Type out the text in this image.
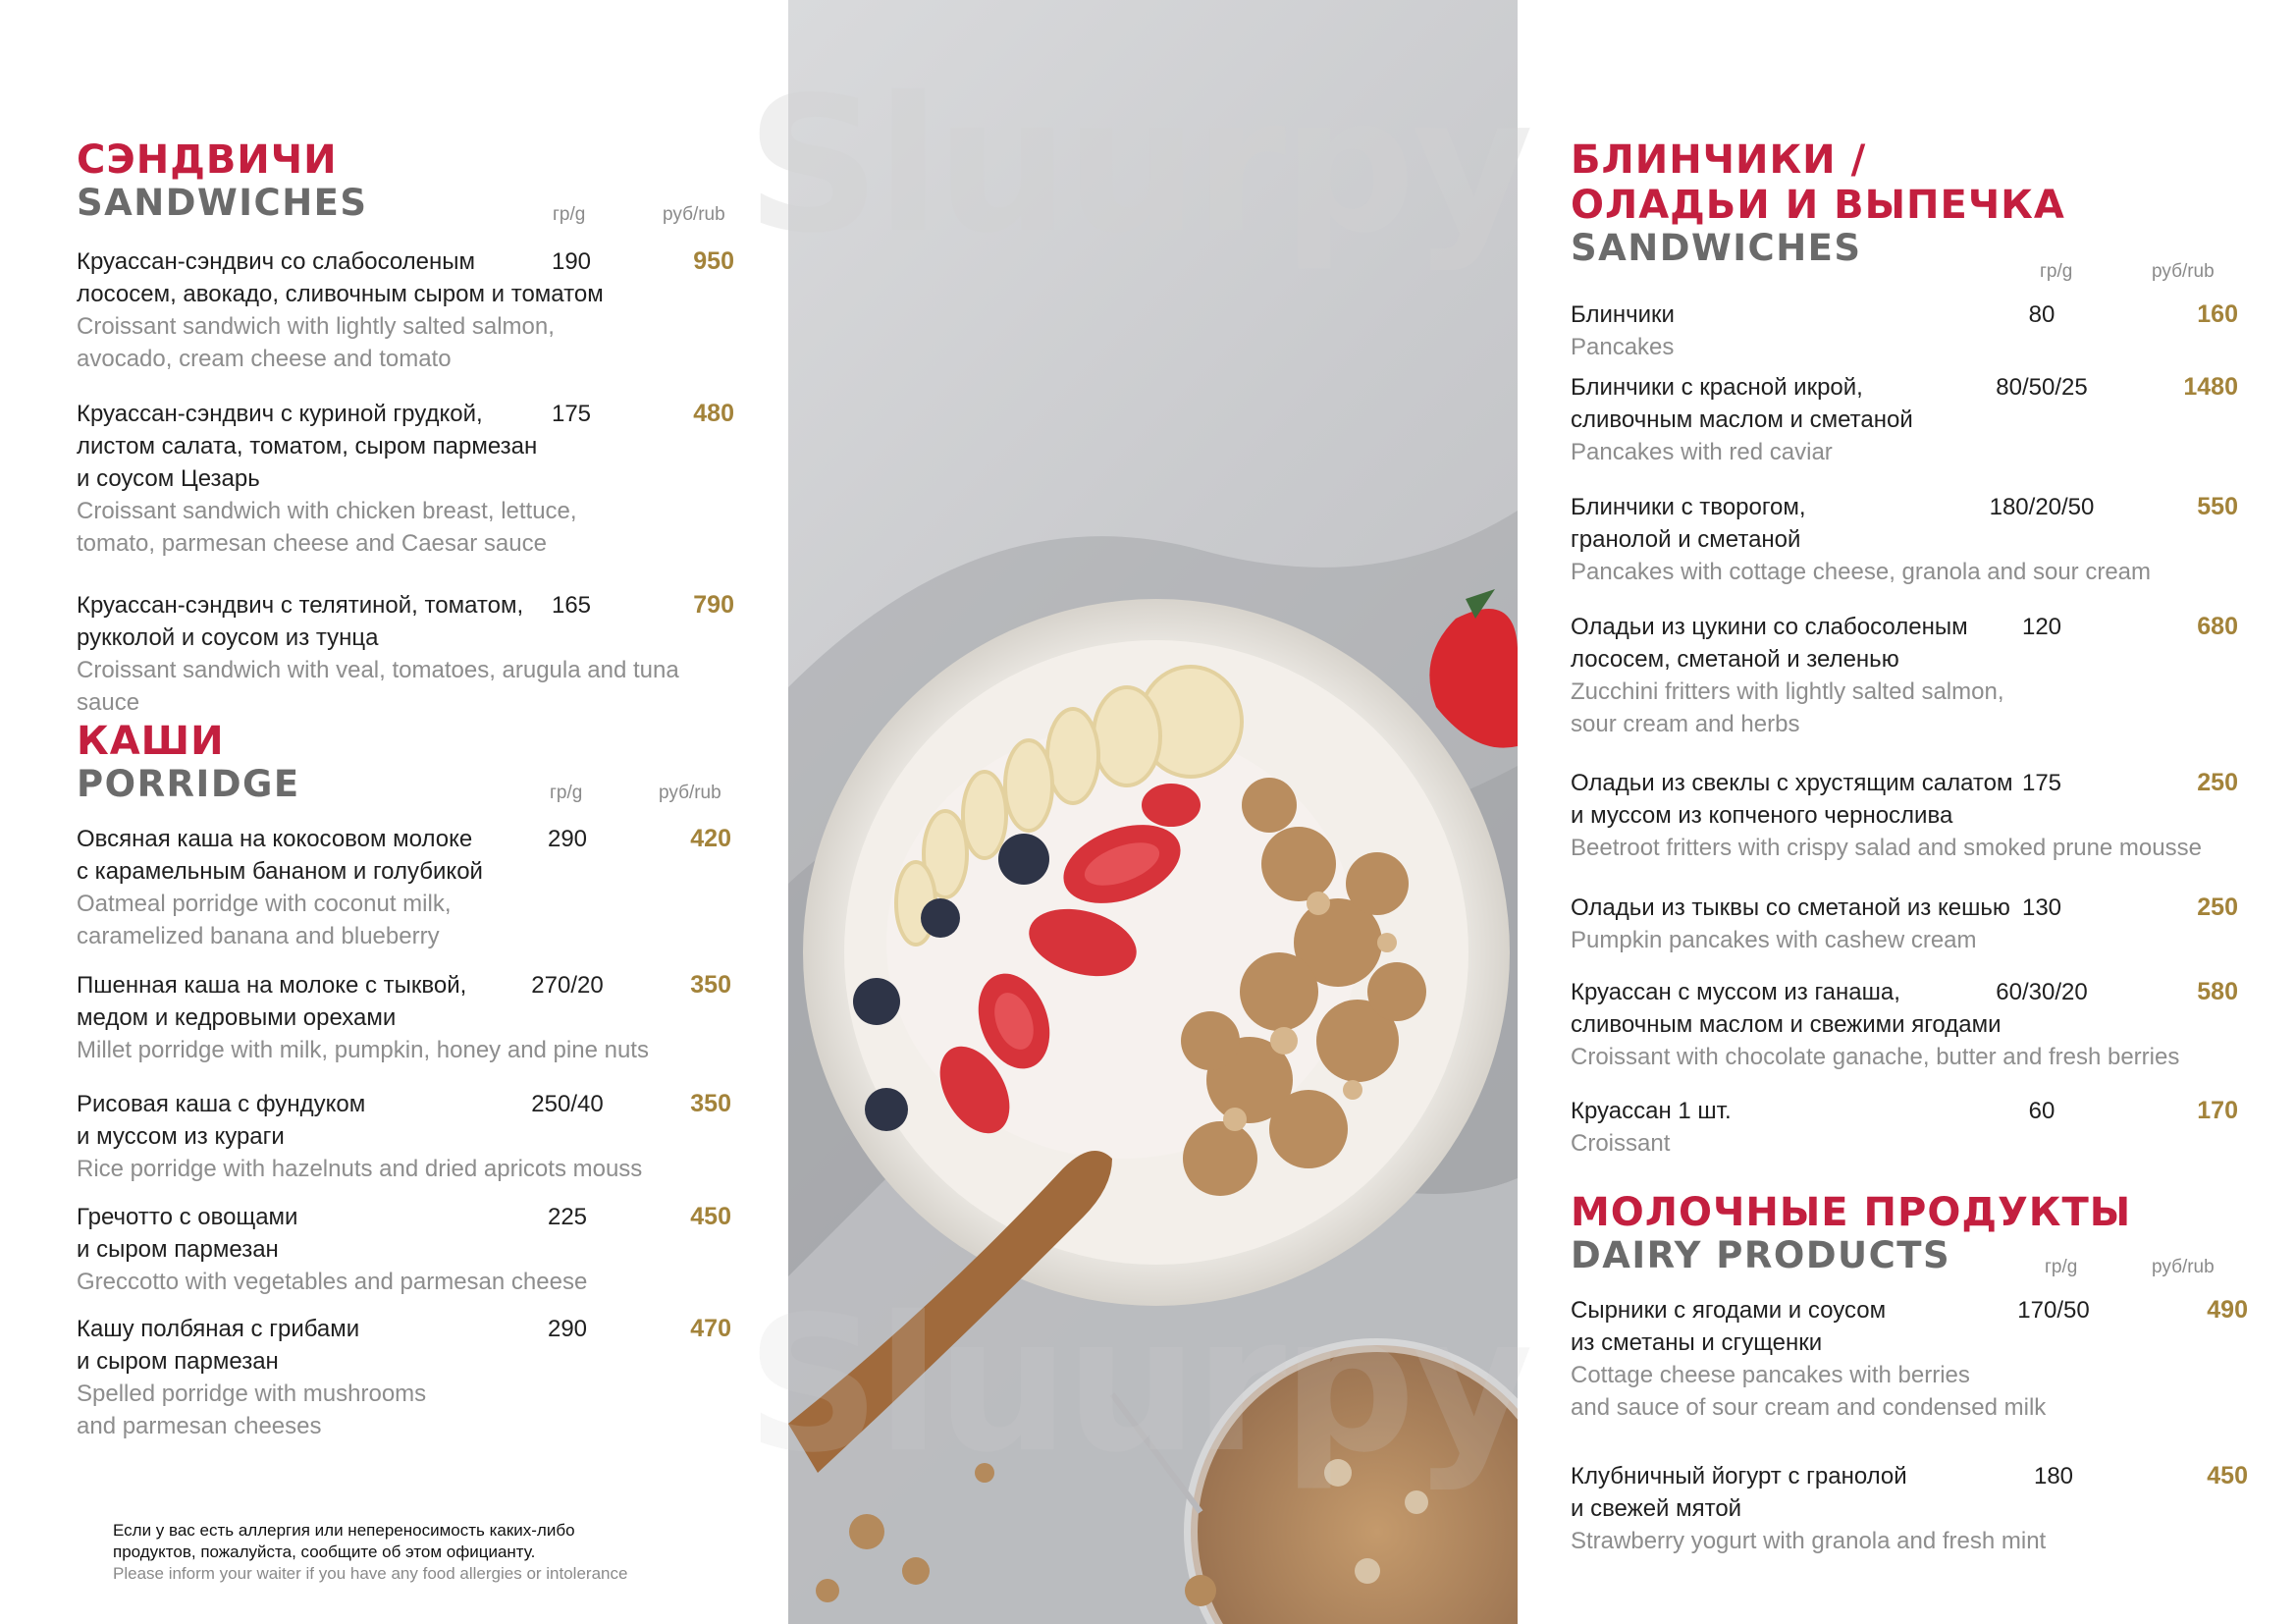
СЭНДВИЧИ
SANDWICHES	гр/g	руб/rub
Круассан-сэндвич со слабосоленым
лососем, авокадо, сливочным сыром и томатом
Croissant sandwich with lightly salted salmon,
avocado, cream cheese and tomato
190	950
Круассан-сэндвич с куриной грудкой,
листом салата, томатом, сыром пармезан
и соусом Цезарь
Croissant sandwich with chicken breast, lettuce,
tomato, parmesan cheese and Caesar sauce
175	480
Круассан-сэндвич с телятиной, томатом,
рукколой и соусом из тунца
Croissant sandwich with veal, tomatoes, arugula and tuna sauce
165	790
КАШИ
PORRIDGE	гр/g	руб/rub
Овсяная каша на кокосовом молоке
с карамельным бананом и голубикой
Oatmeal porridge with coconut milk,
caramelized banana and blueberry
290	420
Пшенная каша на молоке с тыквой,
медом и кедровыми орехами
Millet porridge with milk, pumpkin, honey and pine nuts
270/20	350
Рисовая каша с фундуком
и муссом из кураги
Rice porridge with hazelnuts and dried apricots mouss
250/40	350
Гречотто с овощами
и сыром пармезан
Greccotto with vegetables and parmesan cheese
225	450
Кашу полбяная с грибами
и сыром пармезан
Spelled porridge with mushrooms
and parmesan cheeses
290	470
Если у вас есть аллергия или непереносимость каких-либо
продуктов, пожалуйста, сообщите об этом официанту.
Please inform your waiter if you have any food allergies or intolerance
Sluurpy
Sluurpy
БЛИНЧИКИ /
ОЛАДЬИ И ВЫПЕЧКА
SANDWICHES
гр/g	руб/rub
Блинчики
Pancakes
80	160
Блинчики с красной икрой,
сливочным маслом и сметаной
Pancakes with red caviar
80/50/25	1480
Блинчики с творогом,
гранолой и сметаной
Pancakes with cottage cheese, granola and sour cream
180/20/50	550
Оладьи из цукини со слабосоленым
лососем, сметаной и зеленью
Zucchini fritters with lightly salted salmon,
sour cream and herbs
120	680
Оладьи из свеклы с хрустящим салатом
и муссом из копченого чернослива
Beetroot fritters with crispy salad and smoked prune mousse
175	250
Оладьи из тыквы со сметаной из кешью
Pumpkin pancakes with cashew cream
130	250
Круассан с муссом из ганаша,
сливочным маслом и свежими ягодами
Croissant with chocolate ganache, butter and fresh berries
60/30/20	580
Круассан 1 шт.
Croissant
60	170
МОЛОЧНЫЕ ПРОДУКТЫ
DAIRY PRODUCTS	гр/g	руб/rub
Сырники с ягодами и соусом
из сметаны и сгущенки
Cottage cheese pancakes with berries
and sauce of sour cream and condensed milk
170/50	490
Клубничный йогурт с гранолой
и свежей мятой
Strawberry yogurt with granola and fresh mint
180	450
